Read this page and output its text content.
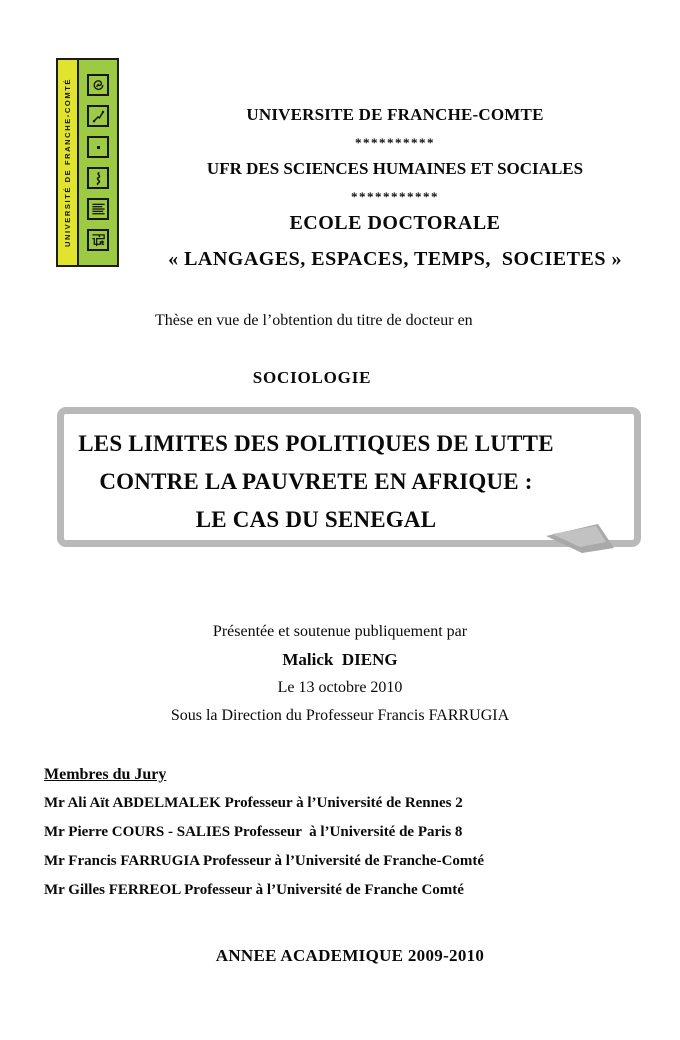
UNIVERSITÉ DE FRANCHE-COMTÉ	UNIVERSITE DE FRANCHE-COMTE
**********
UFR DES SCIENCES HUMAINES ET SOCIALES
***********
ECOLE DOCTORALE
« LANGAGES, ESPACES, TEMPS,  SOCIETES »
Thèse en vue de l’obtention du titre de docteur en
SOCIOLOGIE
LES LIMITES DES POLITIQUES DE LUTTE
CONTRE LA PAUVRETE EN AFRIQUE :
LE CAS DU SENEGAL
Présentée et soutenue publiquement par
Malick  DIENG
Le 13 octobre 2010
Sous la Direction du Professeur Francis FARRUGIA
Membres du Jury
Mr Ali Aït ABDELMALEK Professeur à l’Université de Rennes 2
Mr Pierre COURS - SALIES Professeur  à l’Université de Paris 8
Mr Francis FARRUGIA Professeur à l’Université de Franche-Comté
Mr Gilles FERREOL Professeur à l’Université de Franche Comté
ANNEE ACADEMIQUE 2009-2010
